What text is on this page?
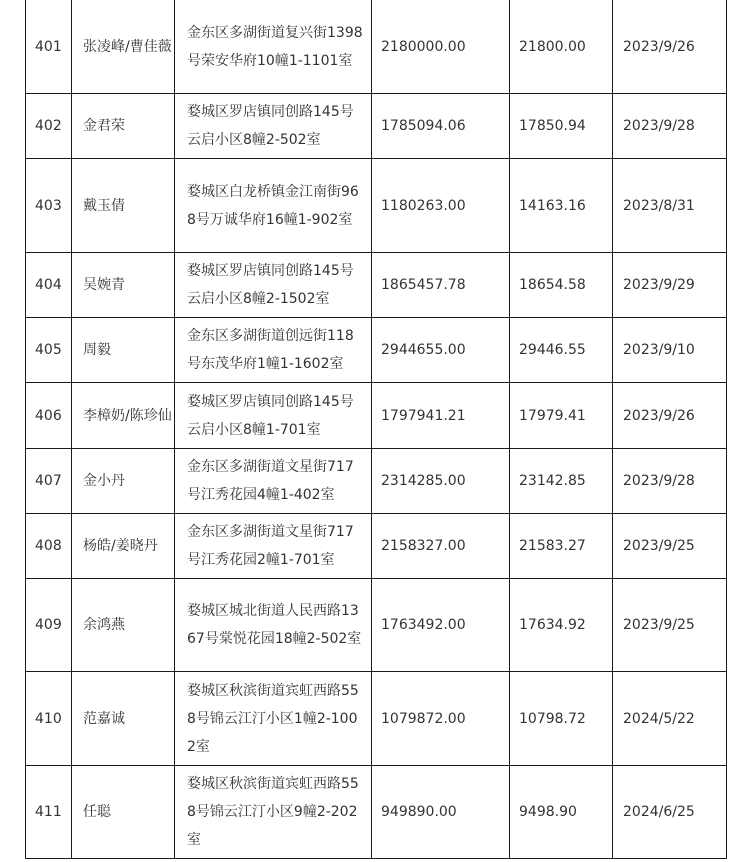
401	张凌峰/曹佳薇	金东区多湖街道复兴街1398号荣安华府10幢1-1101室	2180000.00	21800.00	2023/9/26
402	金君荣	婺城区罗店镇同创路145号云启小区8幢2-502室	1785094.06	17850.94	2023/9/28
403	戴玉倩	婺城区白龙桥镇金江南街968号万诚华府16幢1-902室	1180263.00	14163.16	2023/8/31
404	吴婉青	婺城区罗店镇同创路145号云启小区8幢2-1502室	1865457.78	18654.58	2023/9/29
405	周毅	金东区多湖街道创远街118号东茂华府1幢1-1602室	2944655.00	29446.55	2023/9/10
406	李樟奶/陈珍仙	婺城区罗店镇同创路145号云启小区8幢1-701室	1797941.21	17979.41	2023/9/26
407	金小丹	金东区多湖街道文星街717号江秀花园4幢1-402室	2314285.00	23142.85	2023/9/28
408	杨皓/姜晓丹	金东区多湖街道文星街717号江秀花园2幢1-701室	2158327.00	21583.27	2023/9/25
409	余鸿燕	婺城区城北街道人民西路1367号棠悦花园18幢2-502室	1763492.00	17634.92	2023/9/25
410	范嘉诚	婺城区秋滨街道宾虹西路558号锦云江汀小区1幢2-1002室	1079872.00	10798.72	2024/5/22
411	任聪	婺城区秋滨街道宾虹西路558号锦云江汀小区9幢2-202室	949890.00	9498.90	2024/6/25
